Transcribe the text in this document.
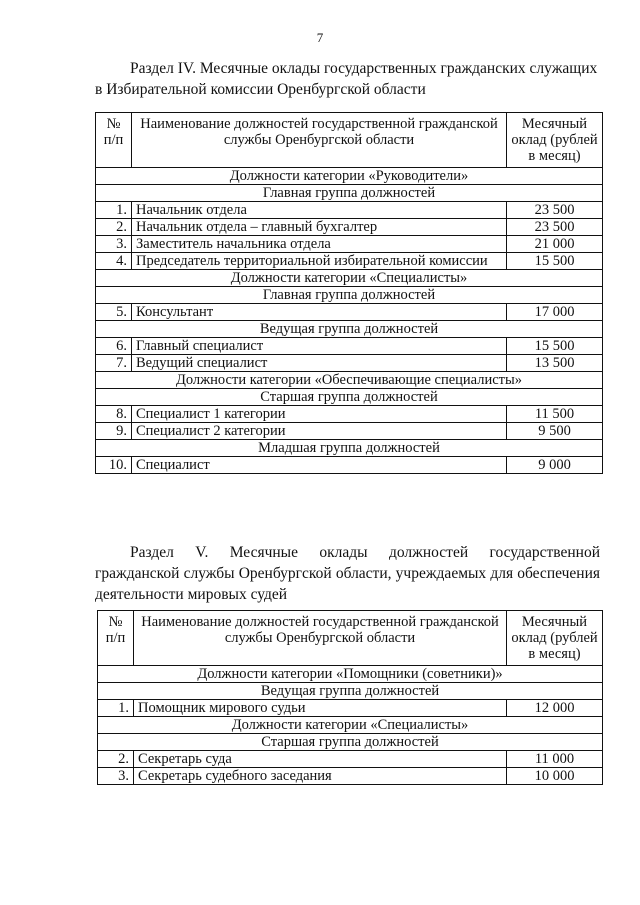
7
Раздел IV. Месячные оклады государственных гражданских служащих в Избирательной комиссии Оренбургской области
№ п/п	Наименование должностей государственной гражданской службы Оренбургской области	Месячный оклад (рублей в месяц)
Должности категории «Руководители»		
Главная группа должностей		
1.	Начальник отдела	23 500
2.	Начальник отдела – главный бухгалтер	23 500
3.	Заместитель начальника отдела	21 000
4.	Председатель территориальной избирательной комиссии	15 500
Должности категории «Специалисты»		
Главная группа должностей		
5.	Консультант	17 000
Ведущая группа должностей		
6.	Главный специалист	15 500
7.	Ведущий специалист	13 500
Должности категории «Обеспечивающие специалисты»		
Старшая группа должностей		
8.	Специалист 1 категории	11 500
9.	Специалист 2 категории	9 500
Младшая группа должностей		
10.	Специалист	9 000
Раздел V. Месячные оклады должностей государственной гражданской службы Оренбургской области, учреждаемых для обеспечения деятельности мировых судей
№ п/п	Наименование должностей государственной гражданской службы Оренбургской области	Месячный оклад (рублей в месяц)
Должности категории «Помощники (советники)»		
Ведущая группа должностей		
1.	Помощник мирового судьи	12 000
Должности категории «Специалисты»		
Старшая группа должностей		
2.	Секретарь суда	11 000
3.	Секретарь судебного заседания	10 000
